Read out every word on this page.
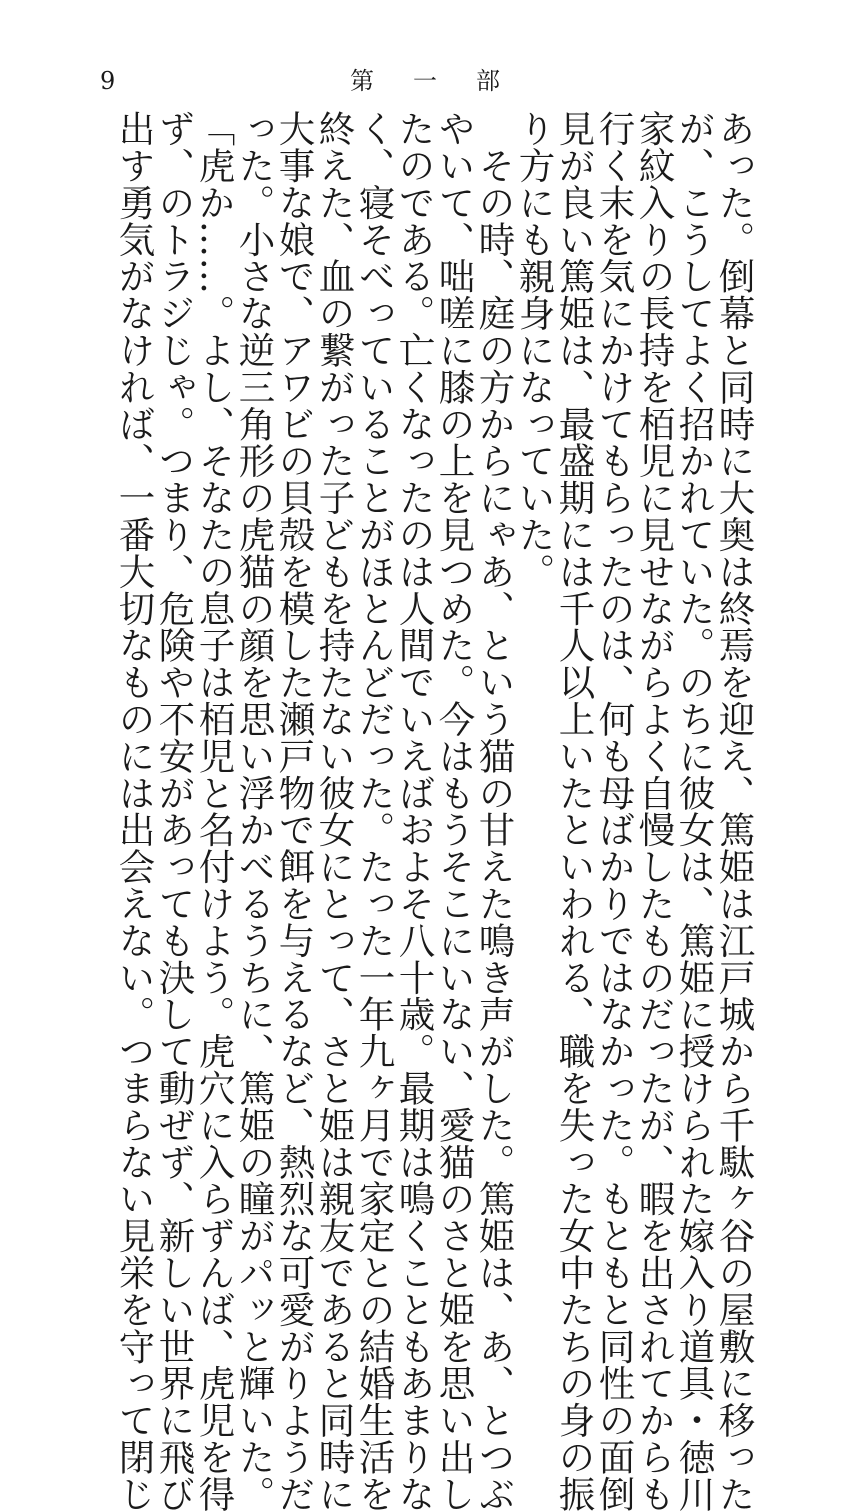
9	第 一 部
あった。倒幕と同時に大奥は終焉を迎え、篤姫は江戸城から千駄ヶ谷の屋敷に移った
が、こうしてよく招かれていた。のちに彼女は、篤姫に授けられた嫁入り道具・徳川
家紋入りの長持を栢児に見せながらよく自慢したものだったが、暇を出されてからも
行く末を気にかけてもらったのは、何も母ばかりではなかった。もともと同性の面倒
見が良い篤姫は、最盛期には千人以上いたといわれる、職を失った女中たちの身の振
り方にも親身になっていた。
　その時、庭の方からにゃあ、という猫の甘えた鳴き声がした。篤姫は、あ、とつぶ
やいて、咄嗟に膝の上を見つめた。今はもうそこにいない、愛猫のさと姫を思い出し
たのである。亡くなったのは人間でいえばおよそ八十歳。最期は鳴くこともあまりな
く、寝そべっていることがほとんどだった。たった一年九ヶ月で家定との結婚生活を
終えた、血の繋がった子どもを持たない彼女にとって、さと姫は親友であると同時に
大事な娘で、アワビの貝殻を模した瀬戸物で餌を与えるなど、熱烈な可愛がりようだ
った。小さな逆三角形の虎猫の顔を思い浮かべるうちに、篤姫の瞳がパッと輝いた。
「虎か……。よし、そなたの息子は栢児と名付けよう。虎穴に入らずんば、虎児を得
ず、のトラジじゃ。つまり、危険や不安があっても決して動ぜず、新しい世界に飛び
出す勇気がなければ、一番大切なものには出会えない。つまらない見栄を守って閉じ
